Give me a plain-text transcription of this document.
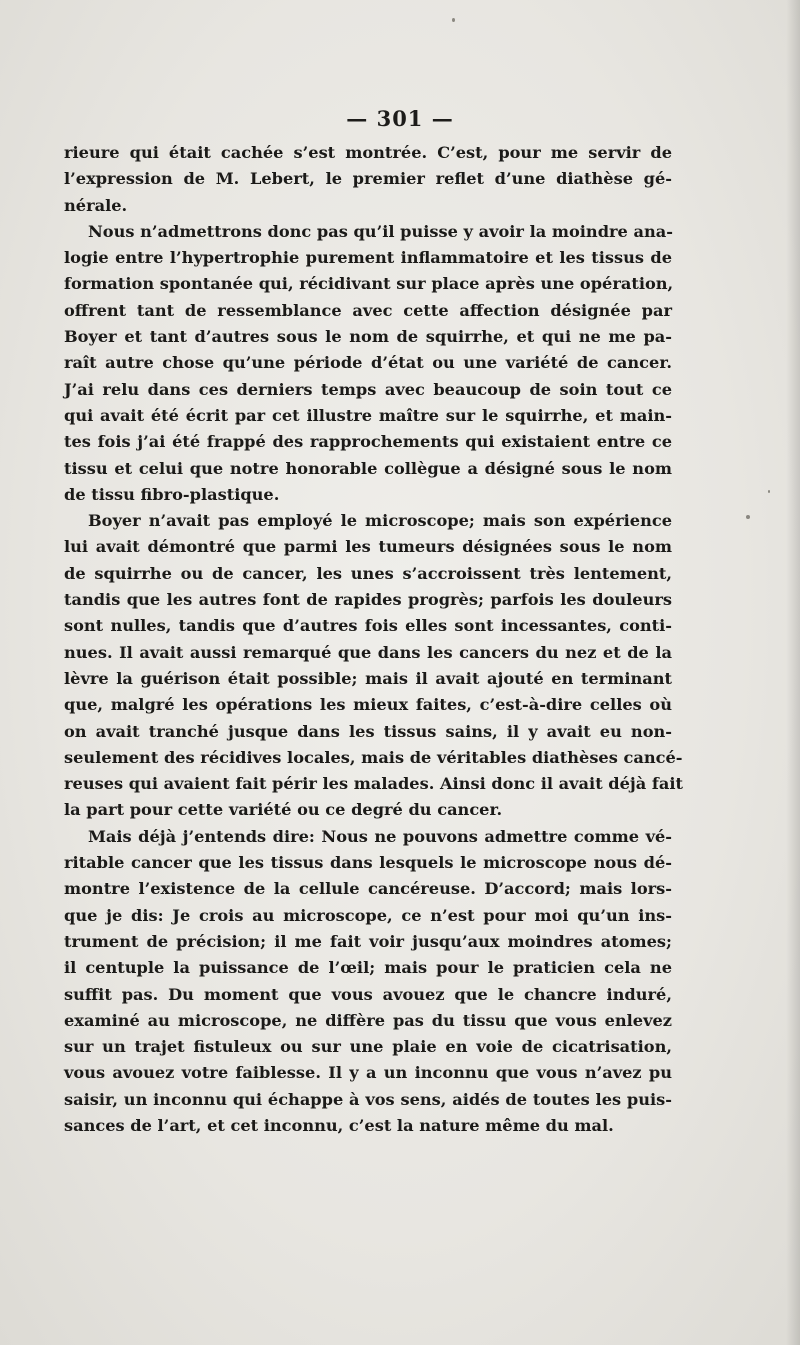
— 301 —
rieure qui était cachée s’est montrée. C’est, pour me servir de
l’expression de M. Lebert, le premier reflet d’une diathèse gé-
nérale.
Nous n’admettrons donc pas qu’il puisse y avoir la moindre ana-
logie entre l’hypertrophie purement inflammatoire et les tissus de
formation spontanée qui, récidivant sur place après une opération,
offrent tant de ressemblance avec cette affection désignée par
Boyer et tant d’autres sous le nom de squirrhe, et qui ne me pa-
raît autre chose qu’une période d’état ou une variété de cancer.
J’ai relu dans ces derniers temps avec beaucoup de soin tout ce
qui avait été écrit par cet illustre maître sur le squirrhe, et main-
tes fois j’ai été frappé des rapprochements qui existaient entre ce
tissu et celui que notre honorable collègue a désigné sous le nom
de tissu fibro-plastique.
Boyer n’avait pas employé le microscope; mais son expérience
lui avait démontré que parmi les tumeurs désignées sous le nom
de squirrhe ou de cancer, les unes s’accroissent très lentement,
tandis que les autres font de rapides progrès; parfois les douleurs
sont nulles, tandis que d’autres fois elles sont incessantes, conti-
nues. Il avait aussi remarqué que dans les cancers du nez et de la
lèvre la guérison était possible; mais il avait ajouté en terminant
que, malgré les opérations les mieux faites, c’est-à-dire celles où
on avait tranché jusque dans les tissus sains, il y avait eu non-
seulement des récidives locales, mais de véritables diathèses cancé-
reuses qui avaient fait périr les malades. Ainsi donc il avait déjà fait
la part pour cette variété ou ce degré du cancer.
Mais déjà j’entends dire: Nous ne pouvons admettre comme vé-
ritable cancer que les tissus dans lesquels le microscope nous dé-
montre l’existence de la cellule cancéreuse. D’accord; mais lors-
que je dis: Je crois au microscope, ce n’est pour moi qu’un ins-
trument de précision; il me fait voir jusqu’aux moindres atomes;
il centuple la puissance de l’œil; mais pour le praticien cela ne
suffit pas. Du moment que vous avouez que le chancre induré,
examiné au microscope, ne diffère pas du tissu que vous enlevez
sur un trajet fistuleux ou sur une plaie en voie de cicatrisation,
vous avouez votre faiblesse. Il y a un inconnu que vous n’avez pu
saisir, un inconnu qui échappe à vos sens, aidés de toutes les puis-
sances de l’art, et cet inconnu, c’est la nature même du mal.
